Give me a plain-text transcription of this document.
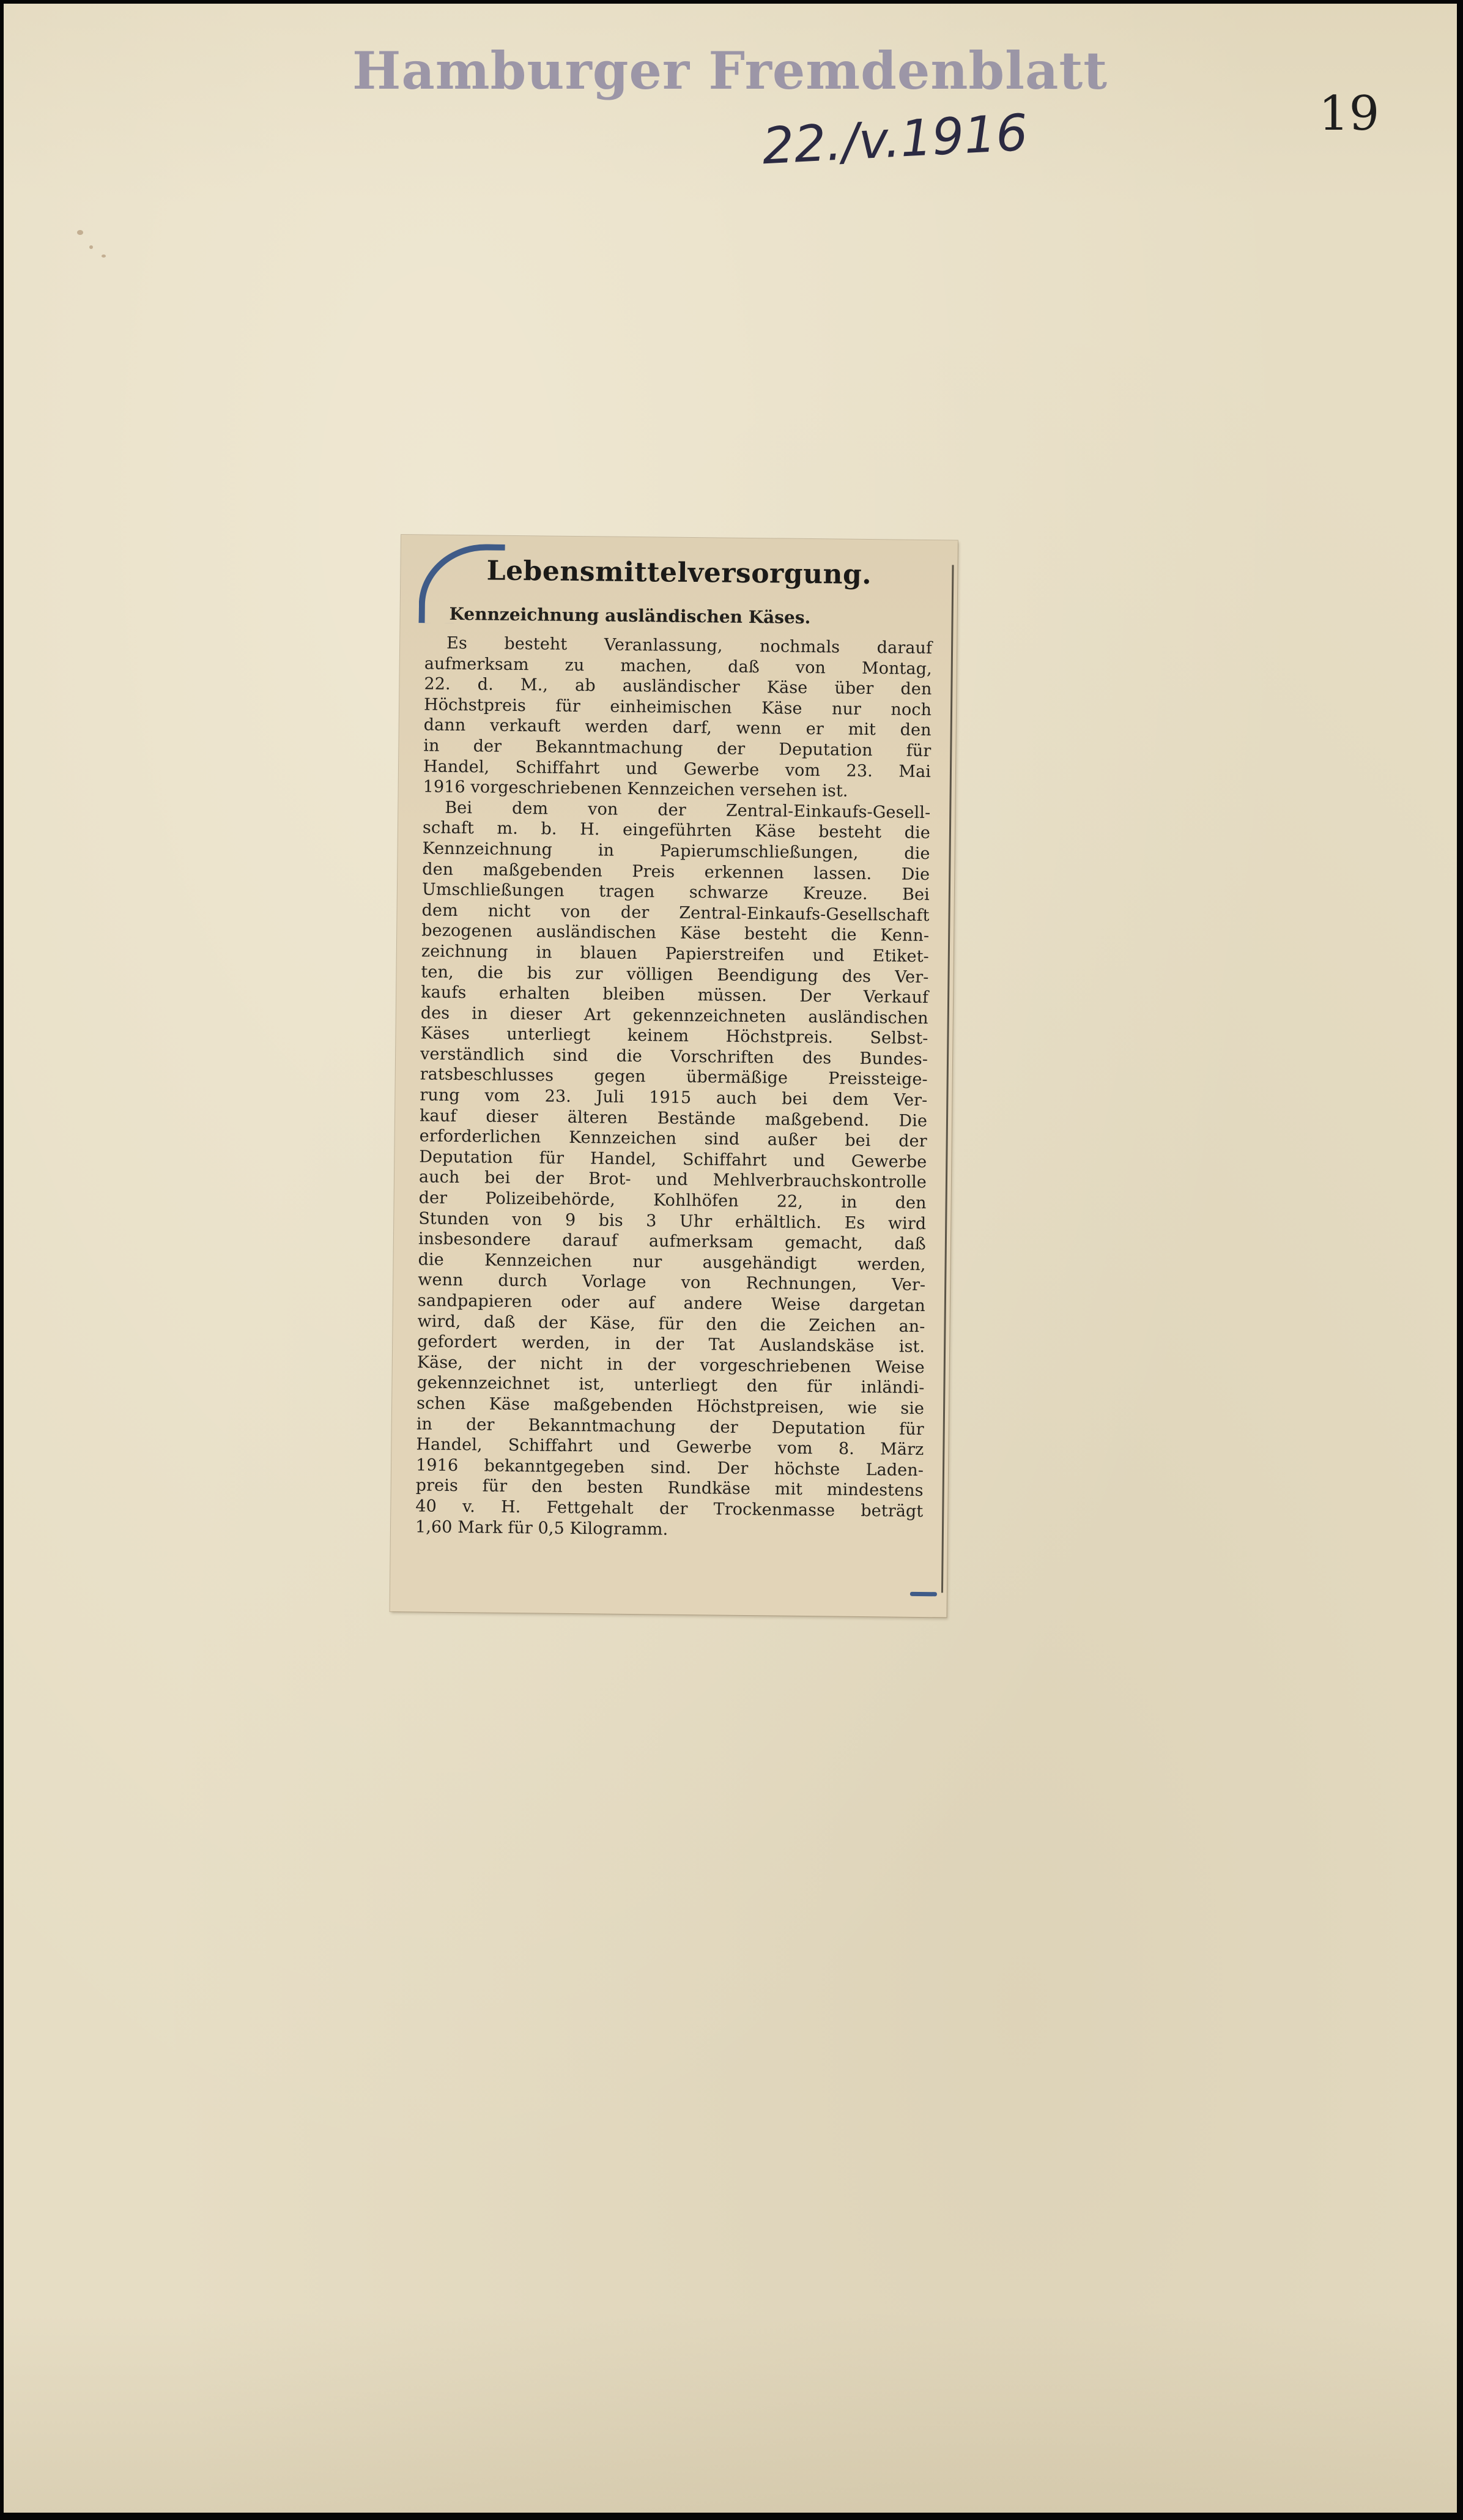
Hamburger Fremdenblatt
22./v.1916	19
Lebensmittelversorgung.
Kennzeichnung ausländischen Käses.
Es besteht Veranlassung, nochmals darauf
aufmerksam zu machen, daß von Montag,
22. d. M., ab ausländischer Käse über den
Höchstpreis für einheimischen Käse nur noch
dann verkauft werden darf, wenn er mit den
in der Bekanntmachung der Deputation für
Handel, Schiffahrt und Gewerbe vom 23. Mai
1916 vorgeschriebenen Kennzeichen versehen ist.
Bei dem von der Zentral-Einkaufs-Gesell-
schaft m. b. H. eingeführten Käse besteht die
Kennzeichnung in Papierumschließungen, die
den maßgebenden Preis erkennen lassen. Die
Umschließungen tragen schwarze Kreuze. Bei
dem nicht von der Zentral-Einkaufs-Gesellschaft
bezogenen ausländischen Käse besteht die Kenn-
zeichnung in blauen Papierstreifen und Etiket-
ten, die bis zur völligen Beendigung des Ver-
kaufs erhalten bleiben müssen. Der Verkauf
des in dieser Art gekennzeichneten ausländischen
Käses unterliegt keinem Höchstpreis. Selbst-
verständlich sind die Vorschriften des Bundes-
ratsbeschlusses gegen übermäßige Preissteige-
rung vom 23. Juli 1915 auch bei dem Ver-
kauf dieser älteren Bestände maßgebend. Die
erforderlichen Kennzeichen sind außer bei der
Deputation für Handel, Schiffahrt und Gewerbe
auch bei der Brot- und Mehlverbrauchskontrolle
der Polizeibehörde, Kohlhöfen 22, in den
Stunden von 9 bis 3 Uhr erhältlich. Es wird
insbesondere darauf aufmerksam gemacht, daß
die Kennzeichen nur ausgehändigt werden,
wenn durch Vorlage von Rechnungen, Ver-
sandpapieren oder auf andere Weise dargetan
wird, daß der Käse, für den die Zeichen an-
gefordert werden, in der Tat Auslandskäse ist.
Käse, der nicht in der vorgeschriebenen Weise
gekennzeichnet ist, unterliegt den für inländi-
schen Käse maßgebenden Höchstpreisen, wie sie
in der Bekanntmachung der Deputation für
Handel, Schiffahrt und Gewerbe vom 8. März
1916 bekanntgegeben sind. Der höchste Laden-
preis für den besten Rundkäse mit mindestens
40 v. H. Fettgehalt der Trockenmasse beträgt
1,60 Mark für 0,5 Kilogramm.
